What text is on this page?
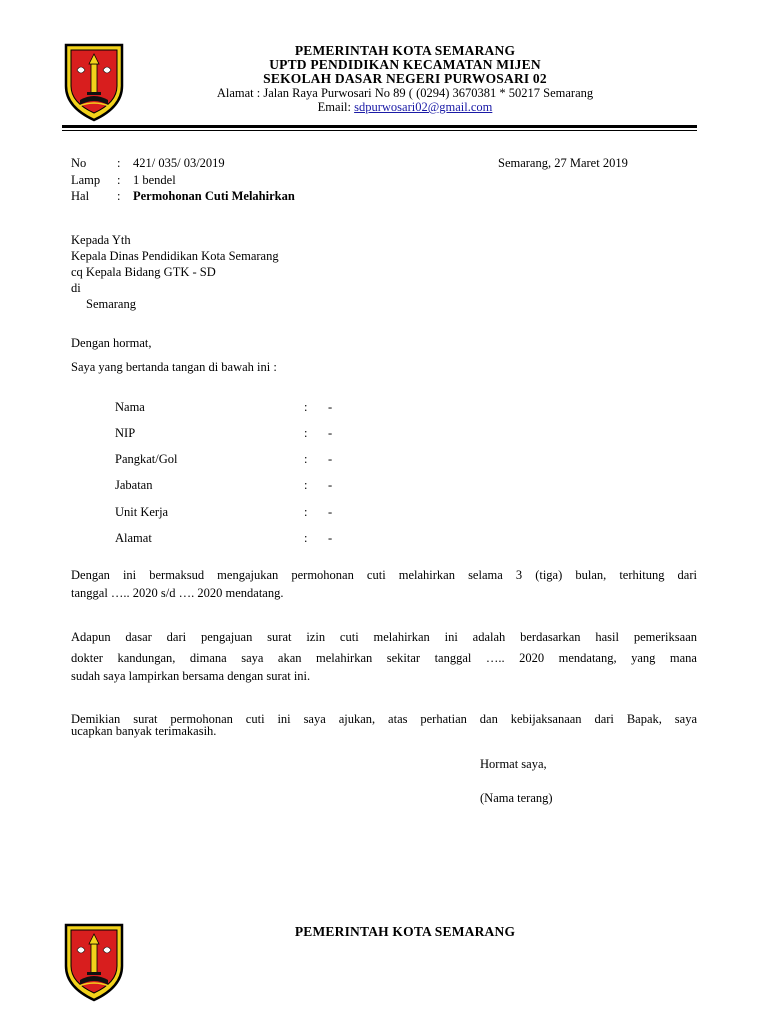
PEMERINTAH KOTA SEMARANG
UPTD PENDIDIKAN KECAMATAN MIJEN
SEKOLAH DASAR NEGERI PURWOSARI 02
Alamat : Jalan Raya Purwosari No 89 ( (0294) 3670381 * 50217 Semarang
Email: sdpurwosari02@gmail.com
No : 421/ 035/ 03/2019	Semarang, 27 Maret 2019
Lamp : 1 bendel
Hal : Permohonan Cuti Melahirkan
Kepada Yth
Kepala Dinas Pendidikan Kota Semarang
cq Kepala Bidang GTK - SD
di
Semarang
Dengan hormat,
Saya yang bertanda tangan di bawah ini :
Nama	: -
NIP	: -
Pangkat/Gol	: -
Jabatan	: -
Unit Kerja	: -
Alamat	: -
Dengan ini bermaksud mengajukan permohonan cuti melahirkan selama 3 (tiga) bulan, terhitung dari
tanggal ….. 2020 s/d …. 2020 mendatang.
Adapun dasar dari pengajuan surat izin cuti melahirkan ini adalah berdasarkan hasil pemeriksaan
dokter kandungan, dimana saya akan melahirkan sekitar tanggal ….. 2020 mendatang, yang mana
sudah saya lampirkan bersama dengan surat ini.
Demikian surat permohonan cuti ini saya ajukan, atas perhatian dan kebijaksanaan dari Bapak, saya
ucapkan banyak terimakasih.
Hormat saya,
(Nama terang)
PEMERINTAH KOTA SEMARANG
